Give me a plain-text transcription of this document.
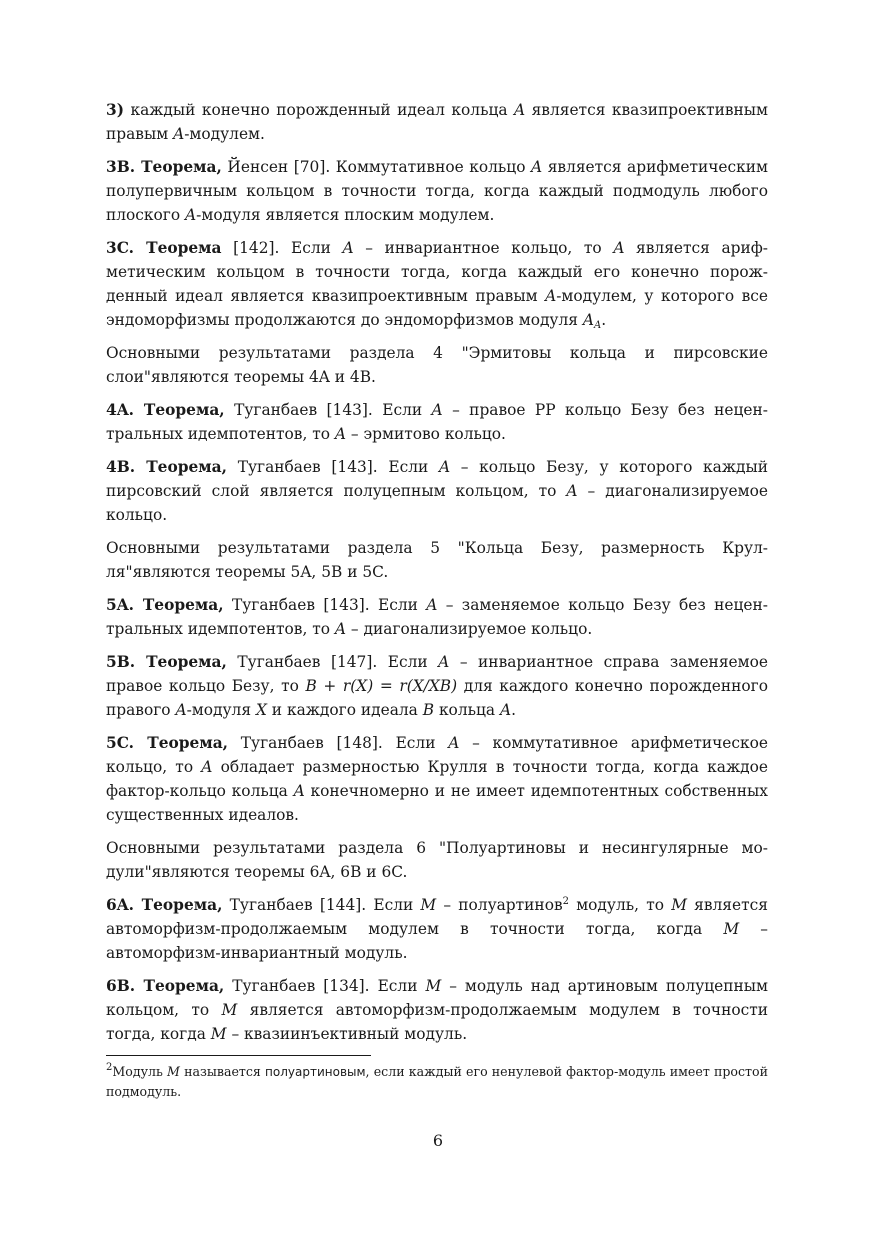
3) каждый конечно порожденный идеал кольца A является квазипроективным правым A-модулем.

3B. Теорема, Йенсен [70]. Коммутативное кольцо A является арифметическим полупервичным кольцом в точности тогда, когда каждый подмодуль любого плоского A-модуля является плоским модулем.

3C. Теорема [142]. Если A – инвариантное кольцо, то A является арифметическим кольцом в точности тогда, когда каждый его конечно порожденный идеал является квазипроективным правым A-модулем, у которого все эндоморфизмы продолжаются до эндоморфизмов модуля $A_A$.

Основными результатами раздела 4 "Эрмитовы кольца и пирсовские слои"являются теоремы 4A и 4B.

4A. Теорема, Туганбаев [143]. Если A – правое PP кольцо Безу без нецентральных идемпотентов, то A – эрмитово кольцо.

4B. Теорема, Туганбаев [143]. Если A – кольцо Безу, у которого каждый пирсовский слой является полуцепным кольцом, то A – диагонализируемое кольцо.

Основными результатами раздела 5 "Кольца Безу, размерность Крулля"являются теоремы 5A, 5B и 5C.

5A. Теорема, Туганбаев [143]. Если A – заменяемое кольцо Безу без нецентральных идемпотентов, то A – диагонализируемое кольцо.

5B. Теорема, Туганбаев [147]. Если A – инвариантное справа заменяемое правое кольцо Безу, то B + r(X) = r(X/XB) для каждого конечно порожденного правого A-модуля X и каждого идеала B кольца A.

5C. Теорема, Туганбаев [148]. Если A – коммутативное арифметическое кольцо, то A обладает размерностью Крулля в точности тогда, когда каждое фактор-кольцо кольца A конечномерно и не имеет идемпотентных собственных существенных идеалов.

Основными результатами раздела 6 "Полуартиновы и несингулярные модули"являются теоремы 6A, 6B и 6C.

6A. Теорема, Туганбаев [144]. Если M – полуартинов$^2$ модуль, то M является автоморфизм-продолжаемым модулем в точности тогда, когда M – автоморфизм-инвариантный модуль.

6B. Теорема, Туганбаев [134]. Если M – модуль над артиновым полуцепным кольцом, то M является автоморфизм-продолжаемым модулем в точности тогда, когда M – квазиинъективный модуль.

$^2$Модуль M называется полуартиновым, если каждый его ненулевой фактор-модуль имеет простой подмодуль.

6
